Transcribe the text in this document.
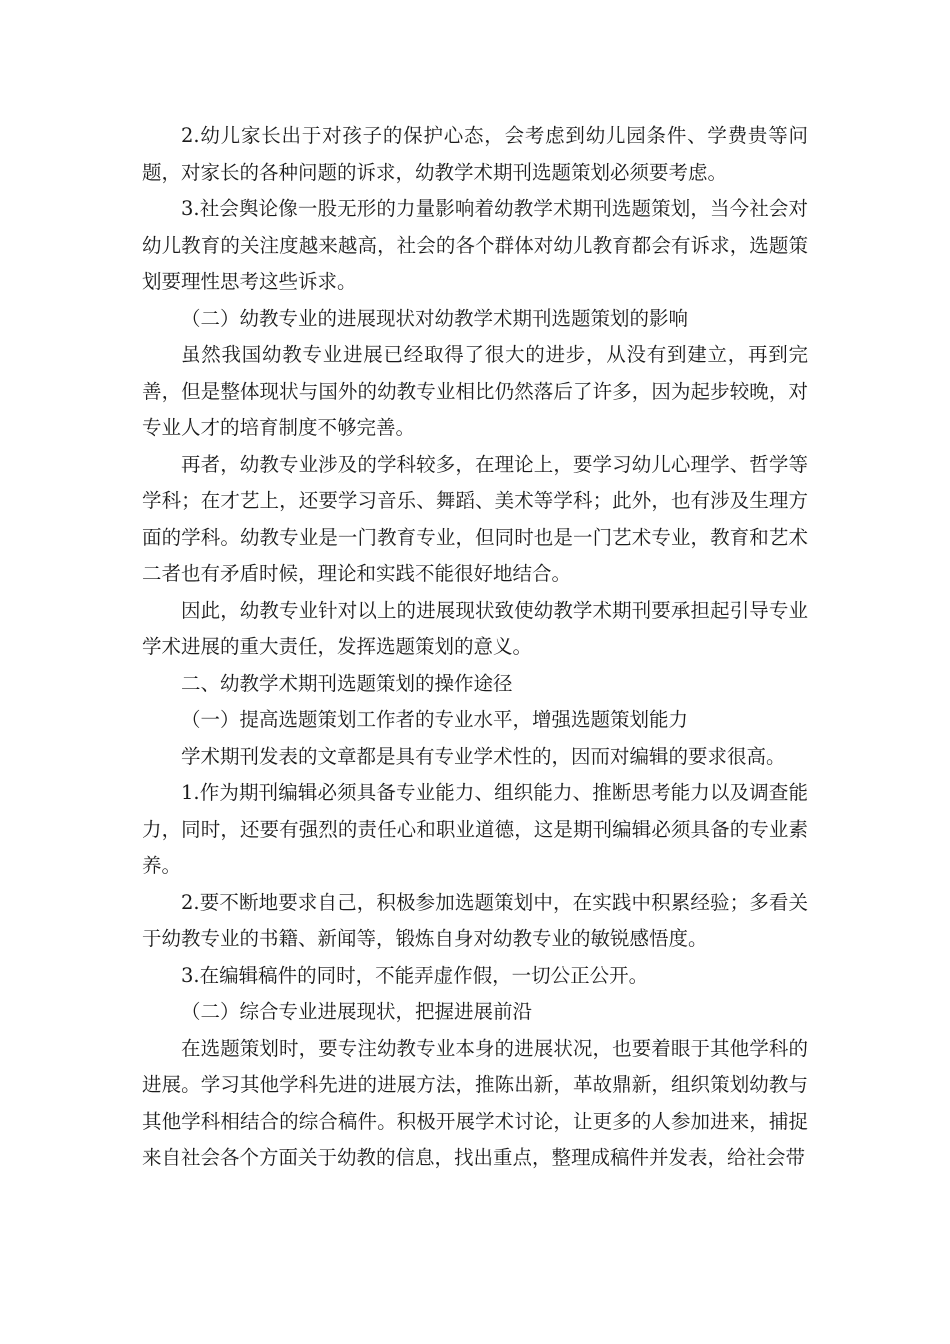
2.幼儿家长出于对孩子的保护心态，会考虑到幼儿园条件、学费贵等问题，对家长的各种问题的诉求，幼教学术期刊选题策划必须要考虑。

3.社会舆论像一股无形的力量影响着幼教学术期刊选题策划，当今社会对幼儿教育的关注度越来越高，社会的各个群体对幼儿教育都会有诉求，选题策划要理性思考这些诉求。

（二）幼教专业的进展现状对幼教学术期刊选题策划的影响

虽然我国幼教专业进展已经取得了很大的进步，从没有到建立，再到完善，但是整体现状与国外的幼教专业相比仍然落后了许多，因为起步较晚，对专业人才的培育制度不够完善。

再者，幼教专业涉及的学科较多，在理论上，要学习幼儿心理学、哲学等学科；在才艺上，还要学习音乐、舞蹈、美术等学科；此外，也有涉及生理方面的学科。幼教专业是一门教育专业，但同时也是一门艺术专业，教育和艺术二者也有矛盾时候，理论和实践不能很好地结合。

因此，幼教专业针对以上的进展现状致使幼教学术期刊要承担起引导专业学术进展的重大责任，发挥选题策划的意义。

二、幼教学术期刊选题策划的操作途径

（一）提高选题策划工作者的专业水平，增强选题策划能力

学术期刊发表的文章都是具有专业学术性的，因而对编辑的要求很高。

1.作为期刊编辑必须具备专业能力、组织能力、推断思考能力以及调查能力，同时，还要有强烈的责任心和职业道德，这是期刊编辑必须具备的专业素养。

2.要不断地要求自己，积极参加选题策划中，在实践中积累经验；多看关于幼教专业的书籍、新闻等，锻炼自身对幼教专业的敏锐感悟度。

3.在编辑稿件的同时，不能弄虚作假，一切公正公开。

（二）综合专业进展现状，把握进展前沿

在选题策划时，要专注幼教专业本身的进展状况，也要着眼于其他学科的进展。学习其他学科先进的进展方法，推陈出新，革故鼎新，组织策划幼教与其他学科相结合的综合稿件。积极开展学术讨论，让更多的人参加进来，捕捉来自社会各个方面关于幼教的信息，找出重点，整理成稿件并发表，给社会带
